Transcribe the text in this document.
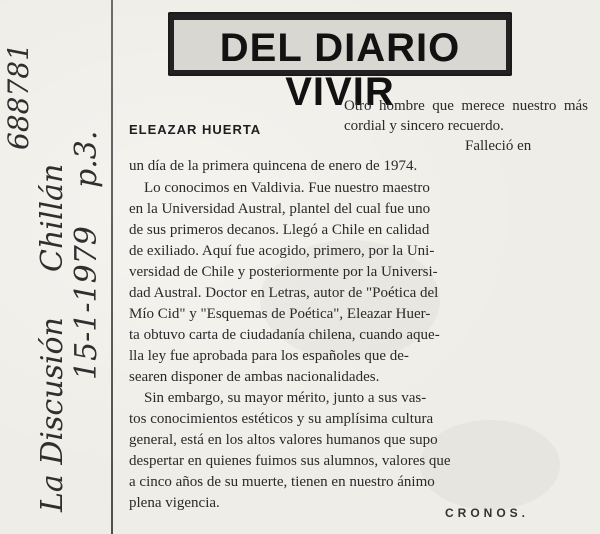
La Discusión
Chillán
15-1-1979
p.3.
688781	DEL DIARIO VIVIR
ELEAZAR HUERTA
Otro hombre que merece nuestro más cordial y sincero recuerdo.
Falleció en
un día de la primera quincena de enero de 1974.
Lo conocimos en Valdivia. Fue nuestro maestro
en la Universidad Austral, plantel del cual fue uno
de sus primeros decanos. Llegó a Chile en calidad
de exiliado. Aquí fue acogido, primero, por la Uni-
versidad de Chile y posteriormente por la Universi-
dad Austral. Doctor en Letras, autor de "Poética del
Mío Cid" y "Esquemas de Poética", Eleazar Huer-
ta obtuvo carta de ciudadanía chilena, cuando aque-
lla ley fue aprobada para los españoles que de-
searen disponer de ambas nacionalidades.
Sin embargo, su mayor mérito, junto a sus vas-
tos conocimientos estéticos y su amplísima cultura
general, está en los altos valores humanos que supo
despertar en quienes fuimos sus alumnos, valores que
a cinco años de su muerte, tienen en nuestro ánimo
plena vigencia.
CRONOS.
